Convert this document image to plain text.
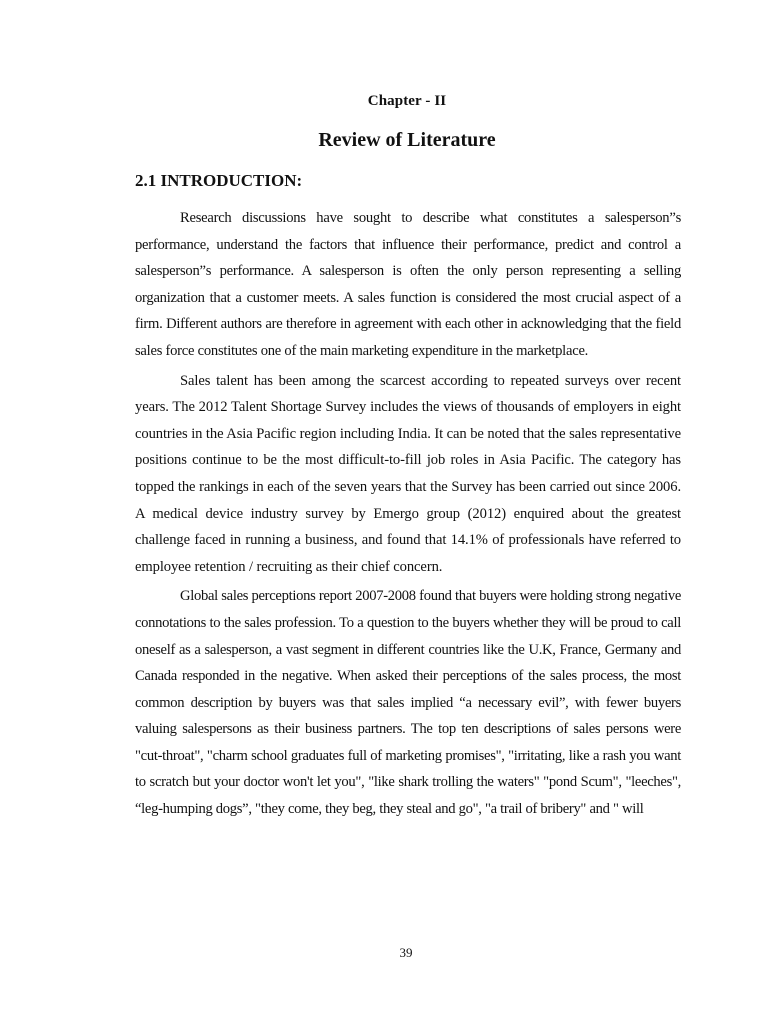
Chapter - II
Review of Literature
2.1 INTRODUCTION:

Research discussions have sought to describe what constitutes a salesperson”s performance, understand the factors that influence their performance, predict and control a salesperson”s performance. A salesperson is often the only person representing a selling organization that a customer meets. A sales function is considered the most crucial aspect of a firm. Different authors are therefore in agreement with each other in acknowledging that the field sales force constitutes one of the main marketing expenditure in the marketplace.

Sales talent has been among the scarcest according to repeated surveys over recent years. The 2012 Talent Shortage Survey includes the views of thousands of employers in eight countries in the Asia Pacific region including India. It can be noted that the sales representative positions continue to be the most difficult-to-fill job roles in Asia Pacific. The category has topped the rankings in each of the seven years that the Survey has been carried out since 2006. A medical device industry survey by Emergo group (2012) enquired about the greatest challenge faced in running a business, and found that 14.1% of professionals have referred to employee retention / recruiting as their chief concern.

Global sales perceptions report 2007-2008 found that buyers were holding strong negative connotations to the sales profession. To a question to the buyers whether they will be proud to call oneself as a salesperson, a vast segment in different countries like the U.K, France, Germany and Canada responded in the negative. When asked their perceptions of the sales process, the most common description by buyers was that sales implied “a necessary evil”, with fewer buyers valuing salespersons as their business partners. The top ten descriptions of sales persons were "cut-throat", "charm school graduates full of marketing promises", "irritating, like a rash you want to scratch but your doctor won't let you", "like shark trolling the waters" "pond Scum", "leeches", “leg-humping dogs”, "they come, they beg, they steal and go", "a trail of bribery" and " will

39
